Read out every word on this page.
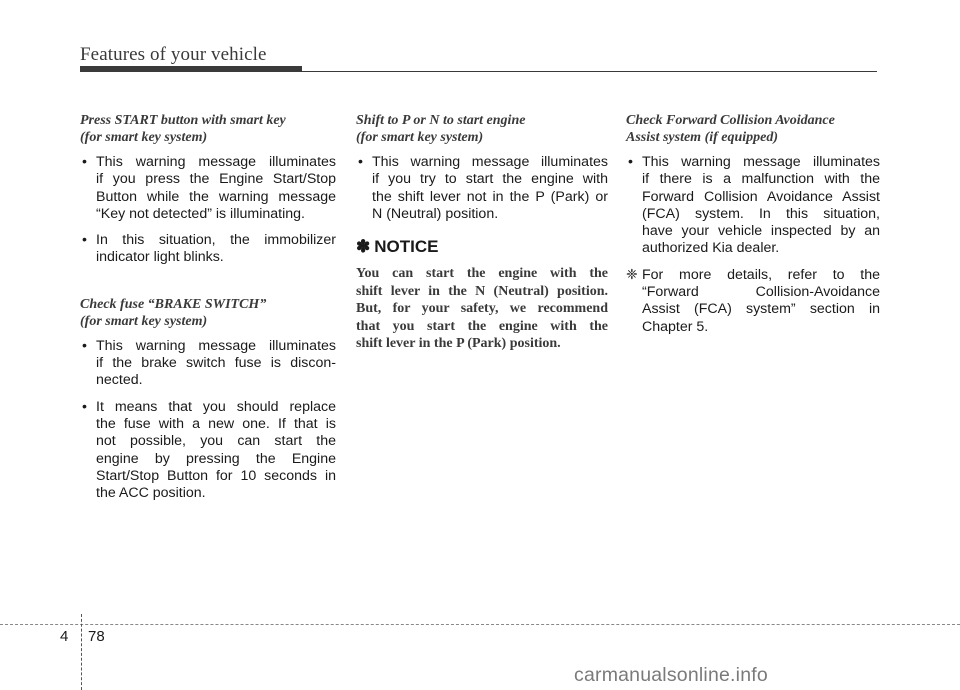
Features of your vehicle
Press START button with smart key
(for smart key system)
• This warning message illuminates
if you press the Engine Start/Stop
Button while the warning message
“Key not detected” is illuminating.
• In this situation, the immobilizer
indicator light blinks.
Check fuse “BRAKE SWITCH”
(for smart key system)
• This warning message illuminates
if the brake switch fuse is discon-
nected.
• It means that you should replace
the fuse with a new one. If that is
not possible, you can start the
engine by pressing the Engine
Start/Stop Button for 10 seconds in
the ACC position.
Shift to P or N to start engine
(for smart key system)
• This warning message illuminates
if you try to start the engine with
the shift lever not in the P (Park) or
N (Neutral) position.
✽ NOTICE
You can start the engine with the
shift lever in the N (Neutral) position.
But, for your safety, we recommend
that you start the engine with the
shift lever in the P (Park) position.
Check Forward Collision Avoidance
Assist system (if equipped)
• This warning message illuminates
if there is a malfunction with the
Forward Collision Avoidance Assist
(FCA) system. In this situation,
have your vehicle inspected by an
authorized Kia dealer.
❈ For more details, refer to the
“Forward Collision-Avoidance
Assist (FCA) system” section in
Chapter 5.
4 78
carmanualsonline.info
